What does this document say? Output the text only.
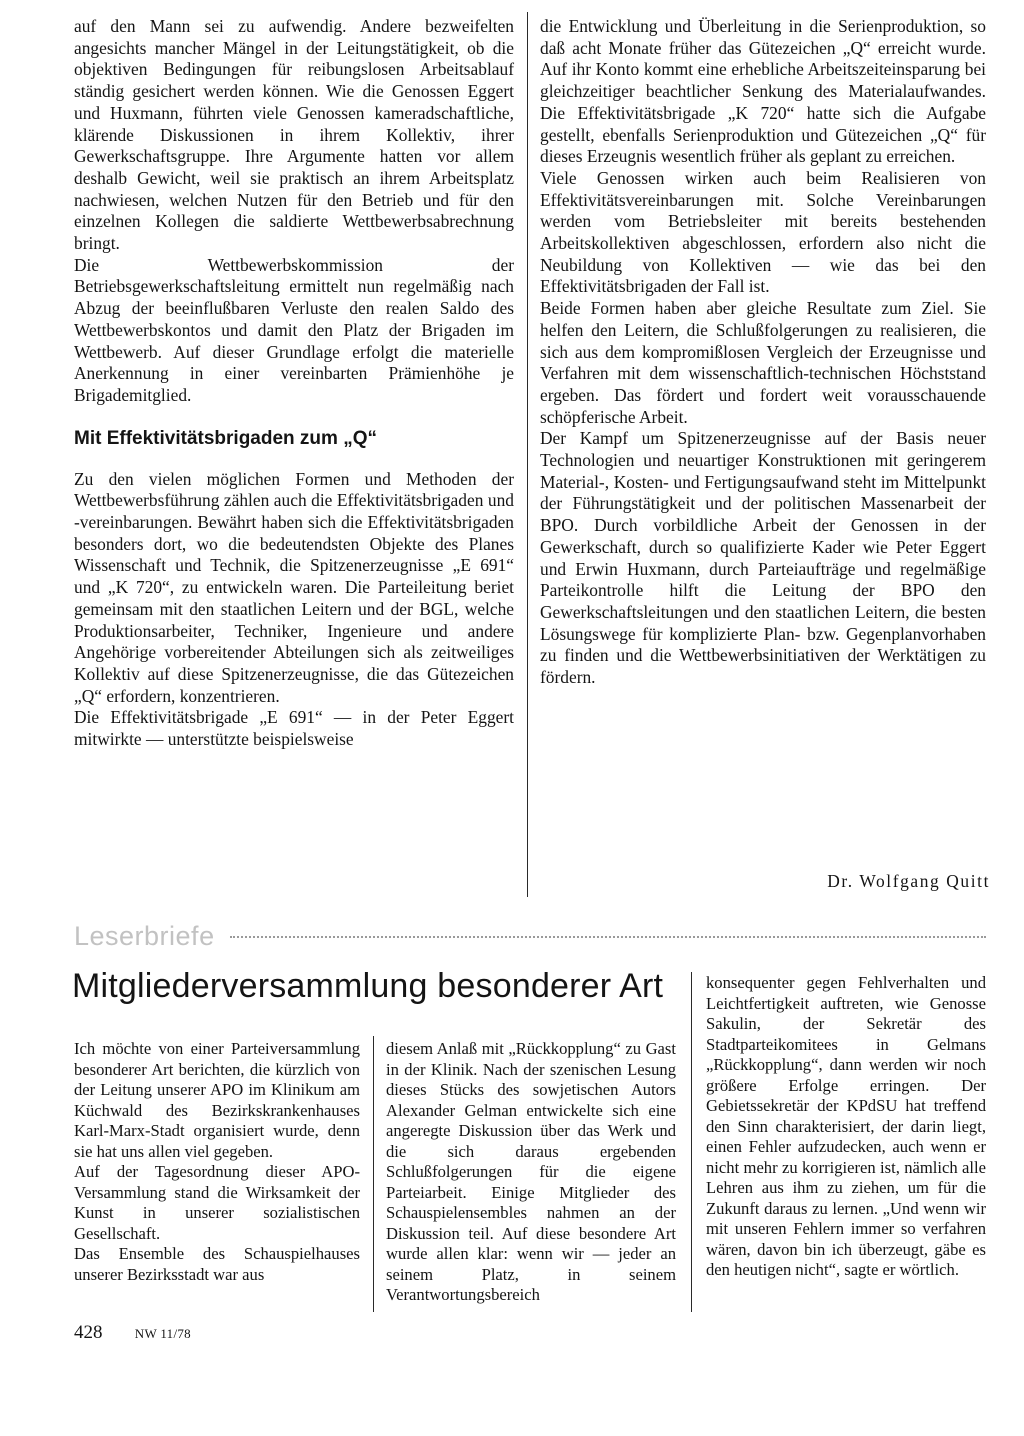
auf den Mann sei zu aufwendig. Andere bezweifelten angesichts mancher Mängel in der Leitungstätigkeit, ob die objektiven Bedingungen für reibungslosen Arbeitsablauf ständig gesichert werden können. Wie die Genossen Eggert und Huxmann, führten viele Genossen kameradschaftliche, klärende Diskussionen in ihrem Kollektiv, ihrer Gewerkschaftsgruppe. Ihre Argumente hatten vor allem deshalb Gewicht, weil sie praktisch an ihrem Arbeitsplatz nachwiesen, welchen Nutzen für den Betrieb und für den einzelnen Kollegen die saldierte Wettbewerbsabrechnung bringt.

Die Wettbewerbskommission der Betriebsgewerkschaftsleitung ermittelt nun regelmäßig nach Abzug der beeinflußbaren Verluste den realen Saldo des Wettbewerbskontos und damit den Platz der Brigaden im Wettbewerb. Auf dieser Grundlage erfolgt die materielle Anerkennung in einer vereinbarten Prämienhöhe je Brigademitglied.

Mit Effektivitätsbrigaden zum „Q“

Zu den vielen möglichen Formen und Methoden der Wettbewerbsführung zählen auch die Effektivitätsbrigaden und -vereinbarungen. Bewährt haben sich die Effektivitätsbrigaden besonders dort, wo die bedeutendsten Objekte des Planes Wissenschaft und Technik, die Spitzenerzeugnisse „E 691“ und „K 720“, zu entwickeln waren. Die Parteileitung beriet gemeinsam mit den staatlichen Leitern und der BGL, welche Produktionsarbeiter, Techniker, Ingenieure und andere Angehörige vorbereitender Abteilungen sich als zeitweiliges Kollektiv auf diese Spitzenerzeugnisse, die das Gütezeichen „Q“ erfordern, konzentrieren.

Die Effektivitätsbrigade „E 691“ — in der Peter Eggert mitwirkte — unterstützte beispielsweise

die Entwicklung und Überleitung in die Serienproduktion, so daß acht Monate früher das Gütezeichen „Q“ erreicht wurde. Auf ihr Konto kommt eine erhebliche Arbeitszeiteinsparung bei gleichzeitiger beachtlicher Senkung des Materialaufwandes. Die Effektivitätsbrigade „K 720“ hatte sich die Aufgabe gestellt, ebenfalls Serienproduktion und Gütezeichen „Q“ für dieses Erzeugnis wesentlich früher als geplant zu erreichen.

Viele Genossen wirken auch beim Realisieren von Effektivitätsvereinbarungen mit. Solche Vereinbarungen werden vom Betriebsleiter mit bereits bestehenden Arbeitskollektiven abgeschlossen, erfordern also nicht die Neubildung von Kollektiven — wie das bei den Effektivitätsbrigaden der Fall ist.

Beide Formen haben aber gleiche Resultate zum Ziel. Sie helfen den Leitern, die Schlußfolgerungen zu realisieren, die sich aus dem kompromißlosen Vergleich der Erzeugnisse und Verfahren mit dem wissenschaftlich-technischen Höchststand ergeben. Das fördert und fordert weit vorausschauende schöpferische Arbeit.

Der Kampf um Spitzenerzeugnisse auf der Basis neuer Technologien und neuartiger Konstruktionen mit geringerem Material-, Kosten- und Fertigungsaufwand steht im Mittelpunkt der Führungstätigkeit und der politischen Massenarbeit der BPO. Durch vorbildliche Arbeit der Genossen in der Gewerkschaft, durch so qualifizierte Kader wie Peter Eggert und Erwin Huxmann, durch Parteiaufträge und regelmäßige Parteikontrolle hilft die Leitung der BPO den Gewerkschaftsleitungen und den staatlichen Leitern, die besten Lösungswege für komplizierte Plan- bzw. Gegenplanvorhaben zu finden und die Wettbewerbsinitiativen der Werktätigen zu fördern.

Dr. Wolfgang Quitt
Leserbriefe
Mitgliederversammlung besonderer Art

Ich möchte von einer Parteiversammlung besonderer Art berichten, die kürzlich von der Leitung unserer APO im Klinikum am Küchwald des Bezirkskrankenhauses Karl-Marx-Stadt organisiert wurde, denn sie hat uns allen viel gegeben.

Auf der Tagesordnung dieser APO-Versammlung stand die Wirksamkeit der Kunst in unserer sozialistischen Gesellschaft.

Das Ensemble des Schauspielhauses unserer Bezirksstadt war aus

diesem Anlaß mit „Rückkopplung“ zu Gast in der Klinik. Nach der szenischen Lesung dieses Stücks des sowjetischen Autors Alexander Gelman entwickelte sich eine angeregte Diskussion über das Werk und die sich daraus ergebenden Schlußfolgerungen für die eigene Parteiarbeit. Einige Mitglieder des Schauspielensembles nahmen an der Diskussion teil. Auf diese besondere Art wurde allen klar: wenn wir — jeder an seinem Platz, in seinem Verantwortungsbereich

konsequenter gegen Fehlverhalten und Leichtfertigkeit auftreten, wie Genosse Sakulin, der Sekretär des Stadtparteikomitees in Gelmans „Rückkopplung“, dann werden wir noch größere Erfolge erringen. Der Gebietssekretär der KPdSU hat treffend den Sinn charakterisiert, der darin liegt, einen Fehler aufzudecken, auch wenn er nicht mehr zu korrigieren ist, nämlich alle Lehren aus ihm zu ziehen, um für die Zukunft daraus zu lernen. „Und wenn wir mit unseren Fehlern immer so verfahren wären, davon bin ich überzeugt, gäbe es den heutigen nicht“, sagte er wörtlich.

428 NW 11/78
